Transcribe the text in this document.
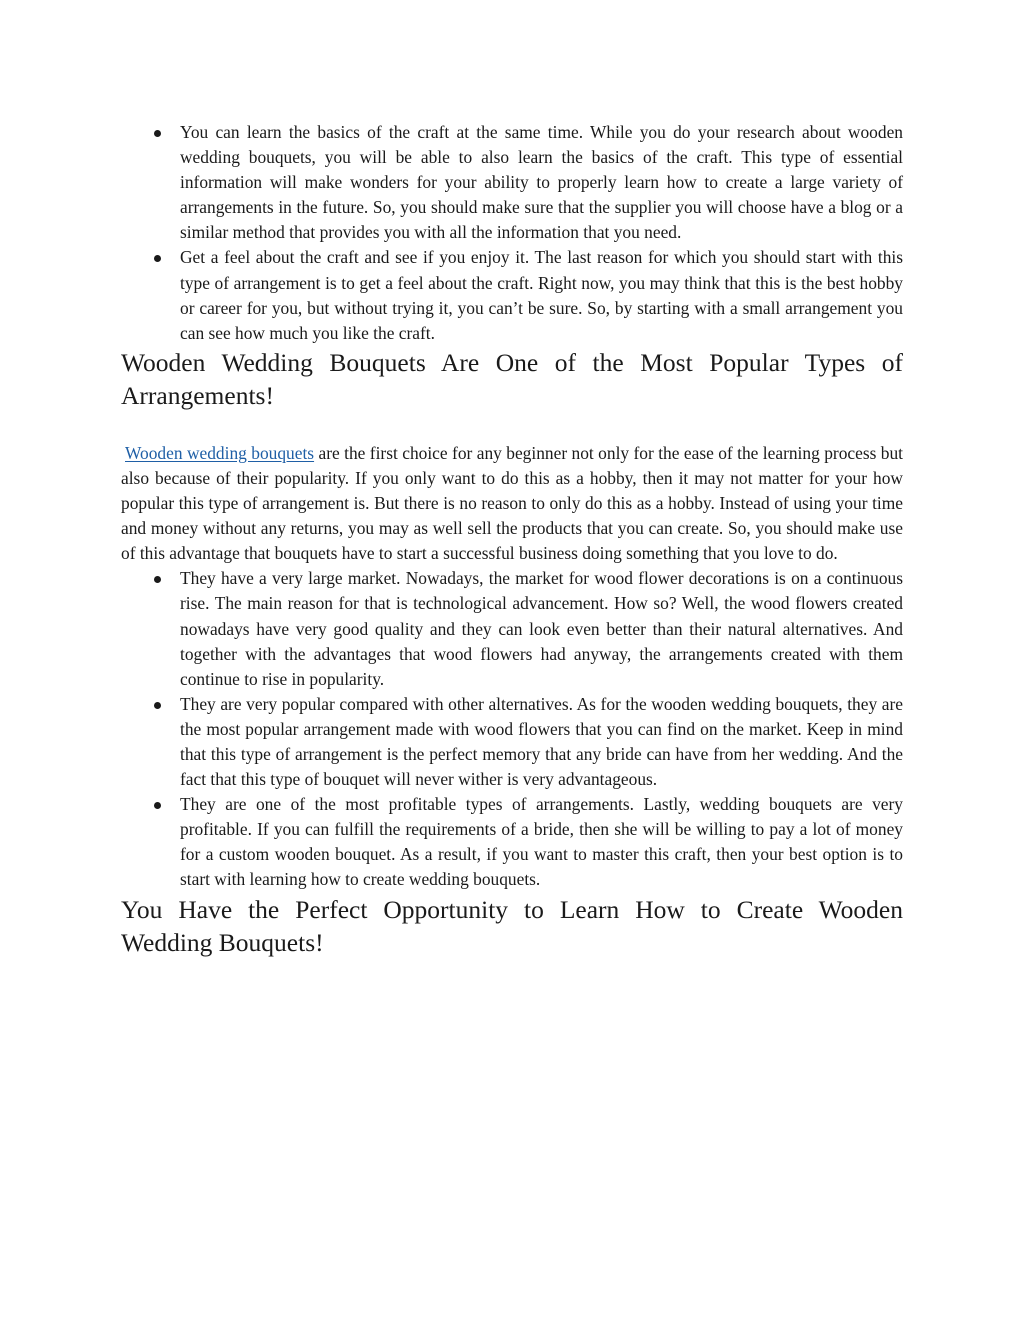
You can learn the basics of the craft at the same time. While you do your research about wooden wedding bouquets, you will be able to also learn the basics of the craft. This type of essential information will make wonders for your ability to properly learn how to create a large variety of arrangements in the future. So, you should make sure that the supplier you will choose have a blog or a similar method that provides you with all the information that you need.
Get a feel about the craft and see if you enjoy it. The last reason for which you should start with this type of arrangement is to get a feel about the craft. Right now, you may think that this is the best hobby or career for you, but without trying it, you can’t be sure. So, by starting with a small arrangement you can see how much you like the craft.
Wooden Wedding Bouquets Are One of the Most Popular Types of Arrangements!

Wooden wedding bouquets are the first choice for any beginner not only for the ease of the learning process but also because of their popularity. If you only want to do this as a hobby, then it may not matter for your how popular this type of arrangement is. But there is no reason to only do this as a hobby. Instead of using your time and money without any returns, you may as well sell the products that you can create. So, you should make use of this advantage that bouquets have to start a successful business doing something that you love to do.

They have a very large market. Nowadays, the market for wood flower decorations is on a continuous rise. The main reason for that is technological advancement. How so? Well, the wood flowers created nowadays have very good quality and they can look even better than their natural alternatives. And together with the advantages that wood flowers had anyway, the arrangements created with them continue to rise in popularity.
They are very popular compared with other alternatives. As for the wooden wedding bouquets, they are the most popular arrangement made with wood flowers that you can find on the market. Keep in mind that this type of arrangement is the perfect memory that any bride can have from her wedding. And the fact that this type of bouquet will never wither is very advantageous.
They are one of the most profitable types of arrangements. Lastly, wedding bouquets are very profitable. If you can fulfill the requirements of a bride, then she will be willing to pay a lot of money for a custom wooden bouquet. As a result, if you want to master this craft, then your best option is to start with learning how to create wedding bouquets.
You Have the Perfect Opportunity to Learn How to Create Wooden Wedding Bouquets!
